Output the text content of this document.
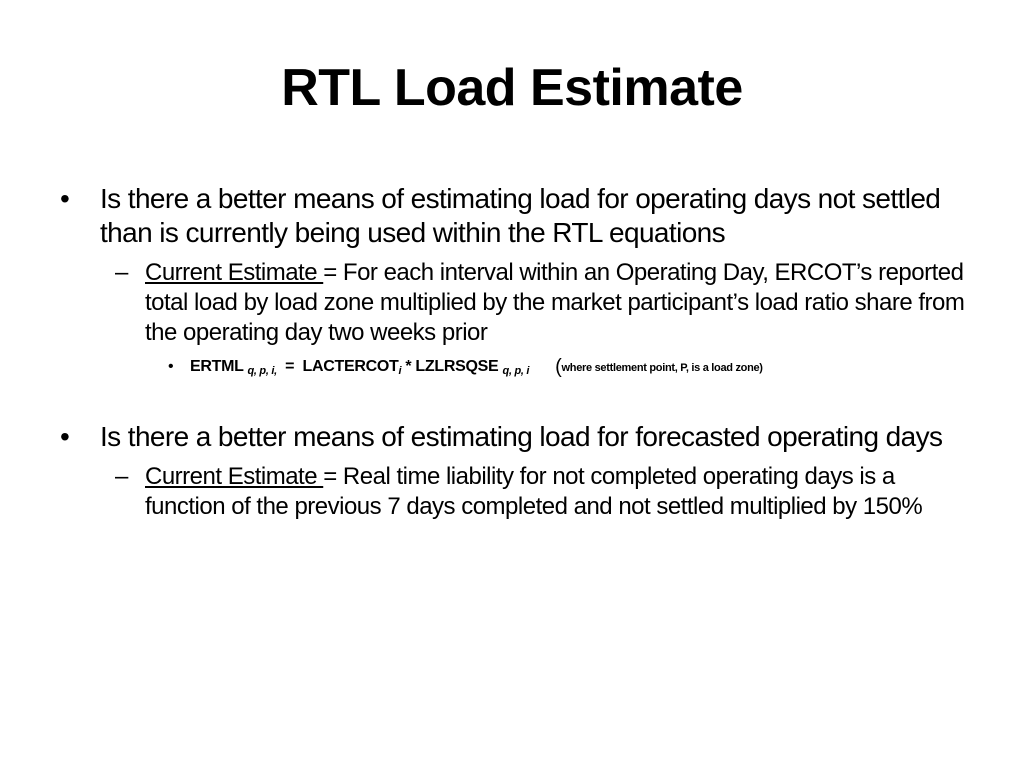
RTL Load Estimate
• Is there a better means of estimating load for operating days not settled than is currently being used within the RTL equations
– Current Estimate = For each interval within an Operating Day, ERCOT’s reported total load by load zone multiplied by the market participant’s load ratio share from the operating day two weeks prior
• ERTML $_{q, p, i,} = LACTERCOT_i$ * LZLRSQSE $_{q, p, i}$ (where settlement point, P, is a load zone)
• Is there a better means of estimating load for forecasted operating days
– Current Estimate = Real time liability for not completed operating days is a function of the previous 7 days completed and not settled multiplied by 150%
